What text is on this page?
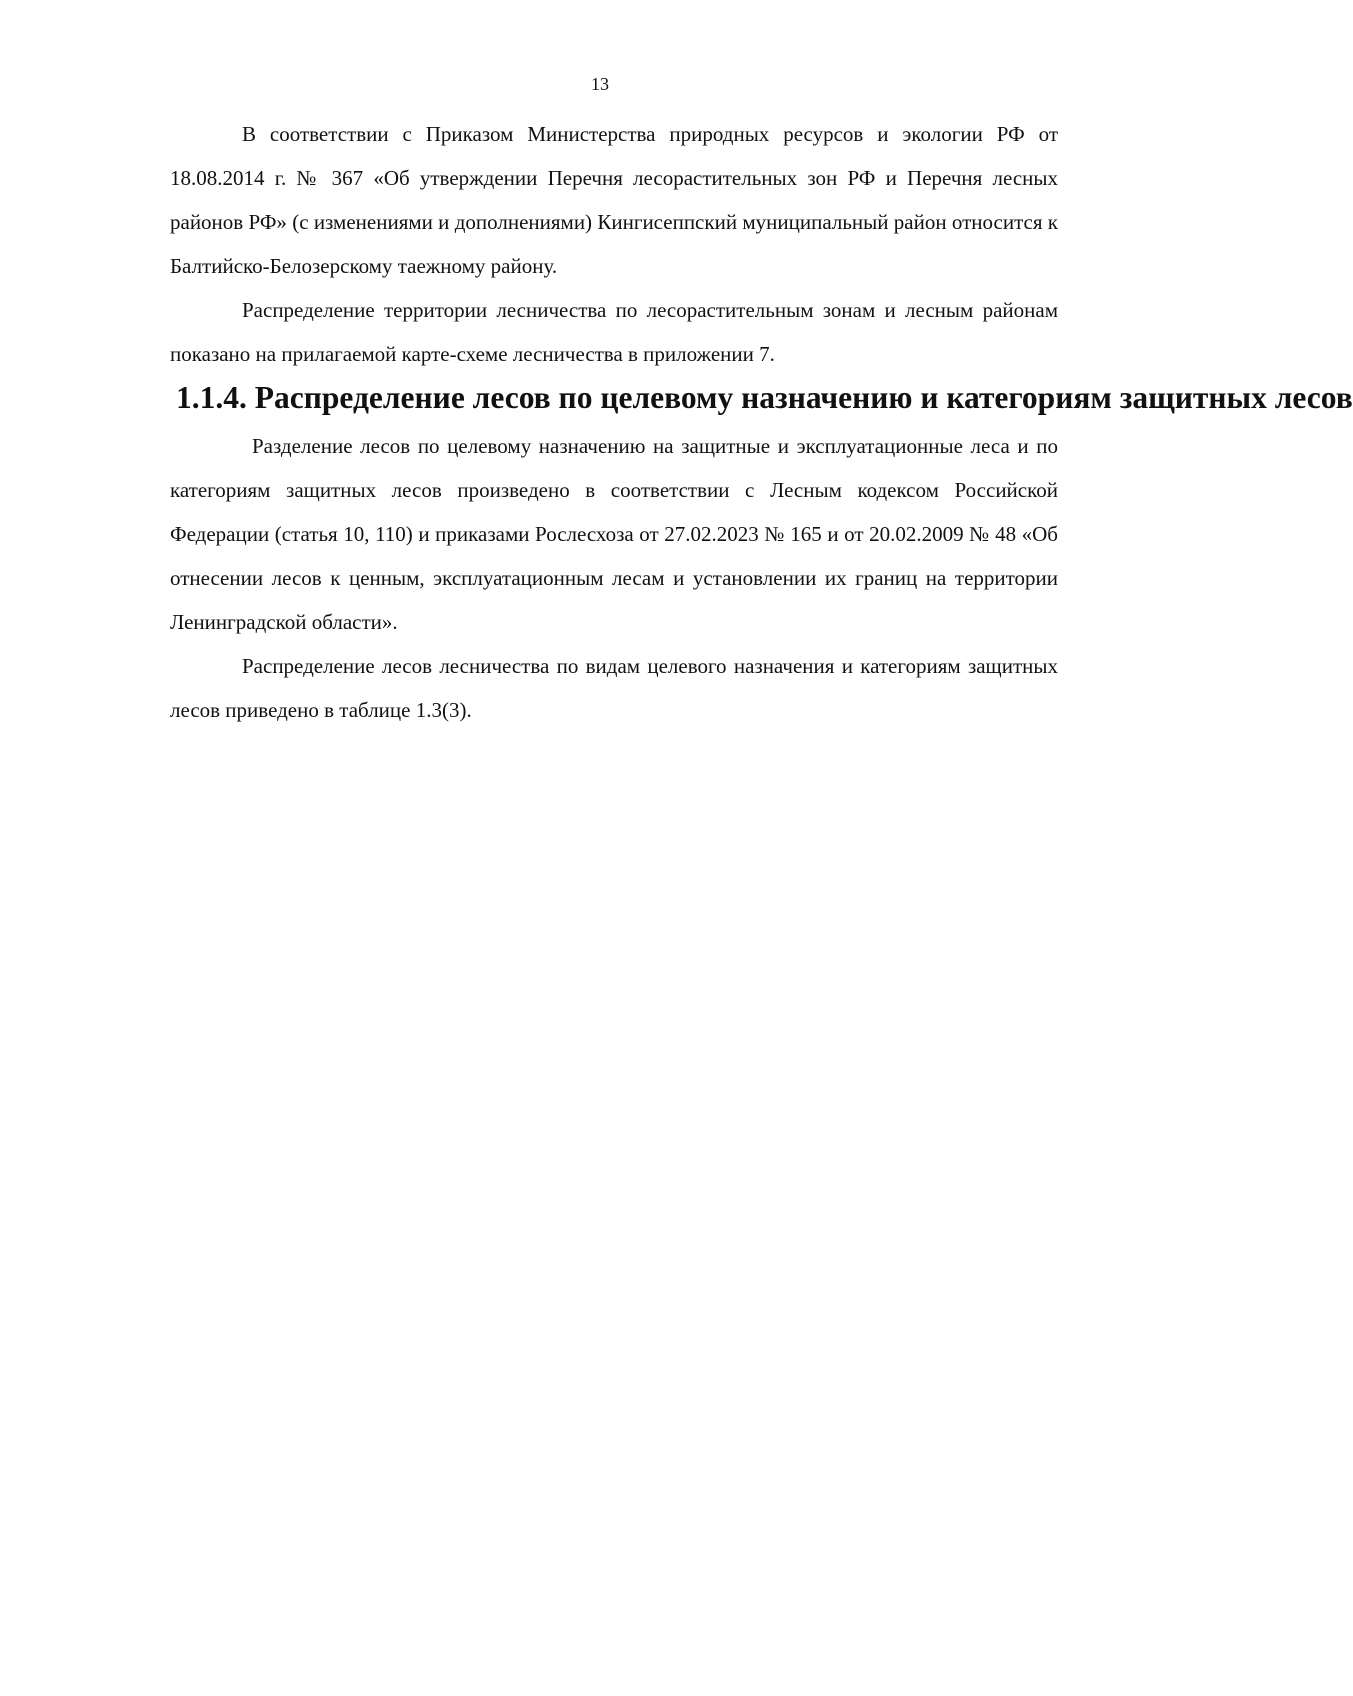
13

В соответствии с Приказом Министерства природных ресурсов и экологии РФ от 18.08.2014 г. № 367 «Об утверждении Перечня лесорастительных зон РФ и Перечня лесных районов РФ» (с изменениями и дополнениями) Кингисеппский муниципальный район относится к Балтийско-Белозерскому таежному району.

Распределение территории лесничества по лесорастительным зонам и лесным районам показано на прилагаемой карте-схеме лесничества в приложении 7.

1.1.4. Распределение лесов по целевому назначению и категориям защитных лесов

Разделение лесов по целевому назначению на защитные и эксплуатационные леса и по категориям защитных лесов произведено в соответствии с Лесным кодексом Российской Федерации (статья 10, 110) и приказами Рослесхоза от 27.02.2023 № 165 и от 20.02.2009 № 48 «Об отнесении лесов к ценным, эксплуатационным лесам и установлении их границ на территории Ленинградской области».

Распределение лесов лесничества по видам целевого назначения и категориям защитных лесов приведено в таблице 1.3(3).
